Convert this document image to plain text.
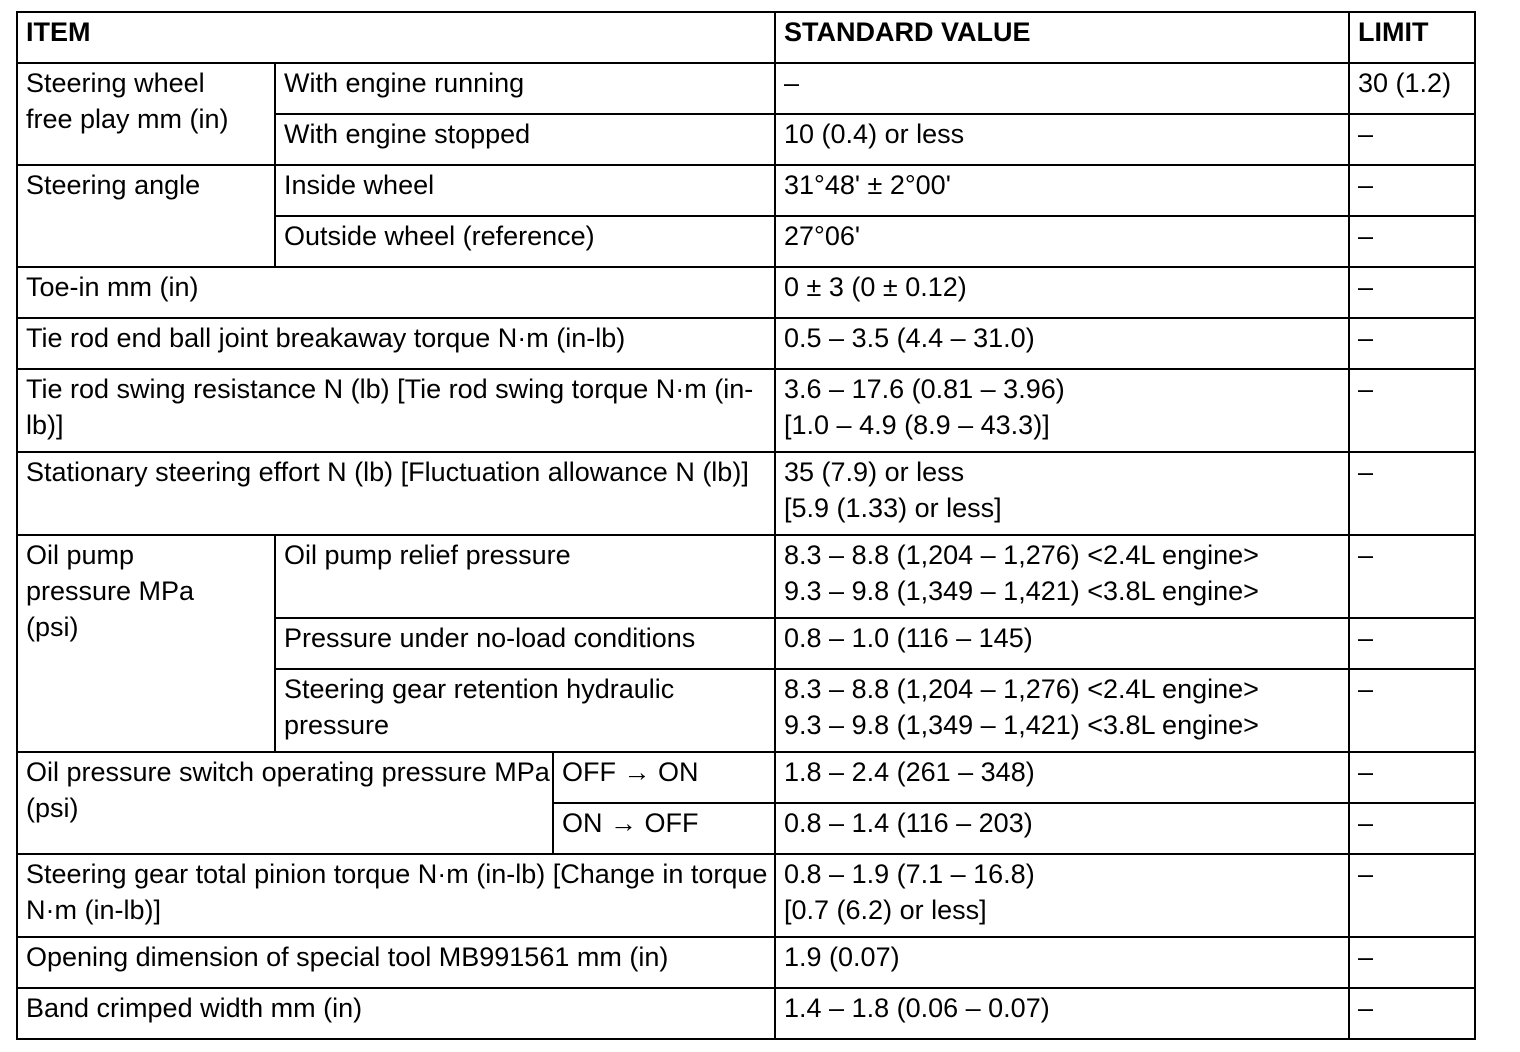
ITEM			STANDARD VALUE	LIMIT
Steering wheel
free play mm (in)	With engine running		–	30 (1.2)
	With engine stopped		10 (0.4) or less	–
Steering angle	Inside wheel		31°48' ± 2°00'	–
	Outside wheel (reference)		27°06'	–
Toe-in mm (in)			0 ± 3 (0 ± 0.12)	–
Tie rod end ball joint breakaway torque N·m (in-lb)			0.5 – 3.5 (4.4 – 31.0)	–
Tie rod swing resistance N (lb) [Tie rod swing torque N·m (in-lb)]			3.6 – 17.6 (0.81 – 3.96)
[1.0 – 4.9 (8.9 – 43.3)]	–
Stationary steering effort N (lb) [Fluctuation allowance N (lb)]			35 (7.9) or less
[5.9 (1.33) or less]	–
Oil pump
pressure MPa
(psi)	Oil pump relief pressure		8.3 – 8.8 (1,204 – 1,276) <2.4L engine>
9.3 – 9.8 (1,349 – 1,421) <3.8L engine>	–
	Pressure under no-load conditions		0.8 – 1.0 (116 – 145)	–
	Steering gear retention hydraulic pressure		8.3 – 8.8 (1,204 – 1,276) <2.4L engine>
9.3 – 9.8 (1,349 – 1,421) <3.8L engine>	–
Oil pressure switch operating pressure MPa (psi)		OFF → ON	1.8 – 2.4 (261 – 348)	–
		ON → OFF	0.8 – 1.4 (116 – 203)	–
Steering gear total pinion torque N·m (in-lb) [Change in torque N·m (in-lb)]			0.8 – 1.9 (7.1 – 16.8)
[0.7 (6.2) or less]	–
Opening dimension of special tool MB991561 mm (in)			1.9 (0.07)	–
Band crimped width mm (in)			1.4 – 1.8 (0.06 – 0.07)	–
